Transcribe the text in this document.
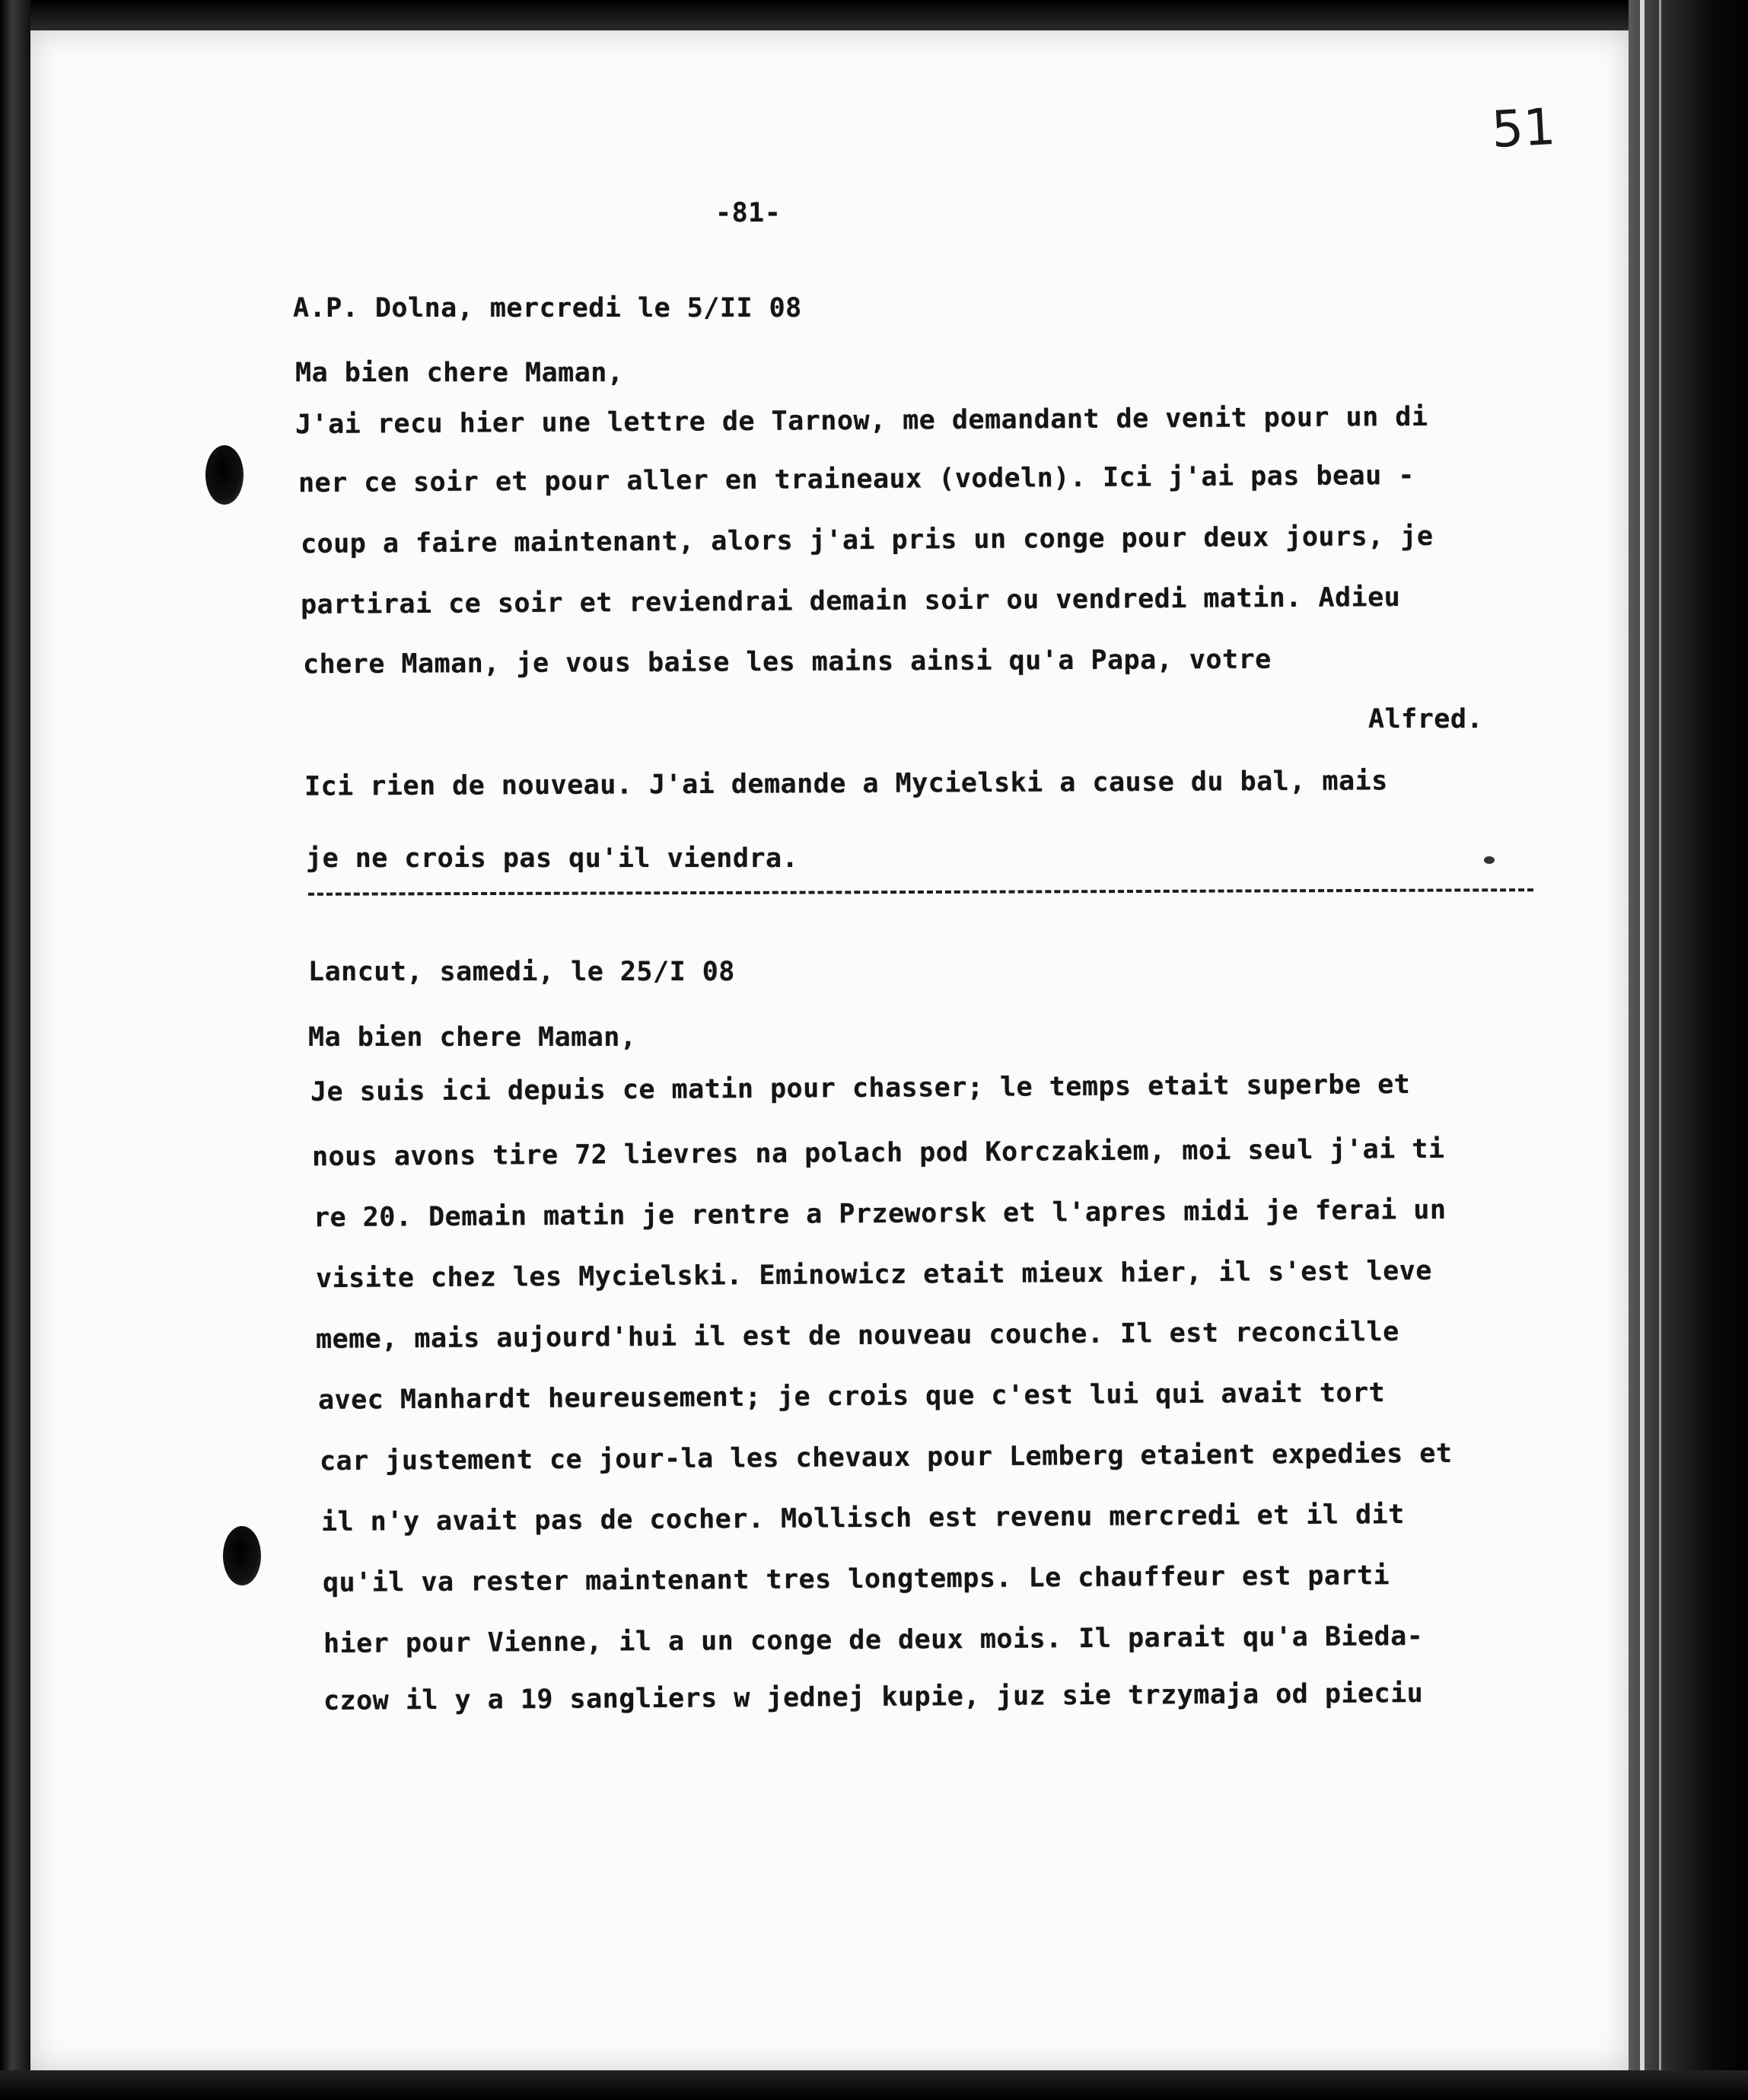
51
-81-
A.P. Dolna, mercredi le 5/II 08
Ma bien chere Maman,
J'ai recu hier une lettre de Tarnow, me demandant de venit pour un di
ner ce soir et pour aller en traineaux (vodeln). Ici j'ai pas beau -
coup a faire maintenant, alors j'ai pris un conge pour deux jours, je
partirai ce soir et reviendrai demain soir ou vendredi matin. Adieu
chere Maman, je vous baise les mains ainsi qu'a Papa, votre
Alfred.
Ici rien de nouveau. J'ai demande a Mycielski a cause du bal, mais
je ne crois pas qu'il viendra.
Lancut, samedi, le 25/I 08
Ma bien chere Maman,
Je suis ici depuis ce matin pour chasser; le temps etait superbe et
nous avons tire 72 lievres na polach pod Korczakiem, moi seul j'ai ti
re 20. Demain matin je rentre a Przeworsk et l'apres midi je ferai un
visite chez les Mycielski. Eminowicz etait mieux hier, il s'est leve
meme, mais aujourd'hui il est de nouveau couche. Il est reconcille
avec Manhardt heureusement; je crois que c'est lui qui avait tort
car justement ce jour-la les chevaux pour Lemberg etaient expedies et
il n'y avait pas de cocher. Mollisch est revenu mercredi et il dit
qu'il va rester maintenant tres longtemps. Le chauffeur est parti
hier pour Vienne, il a un conge de deux mois. Il parait qu'a Bieda-
czow il y a 19 sangliers w jednej kupie, juz sie trzymaja od pieciu
